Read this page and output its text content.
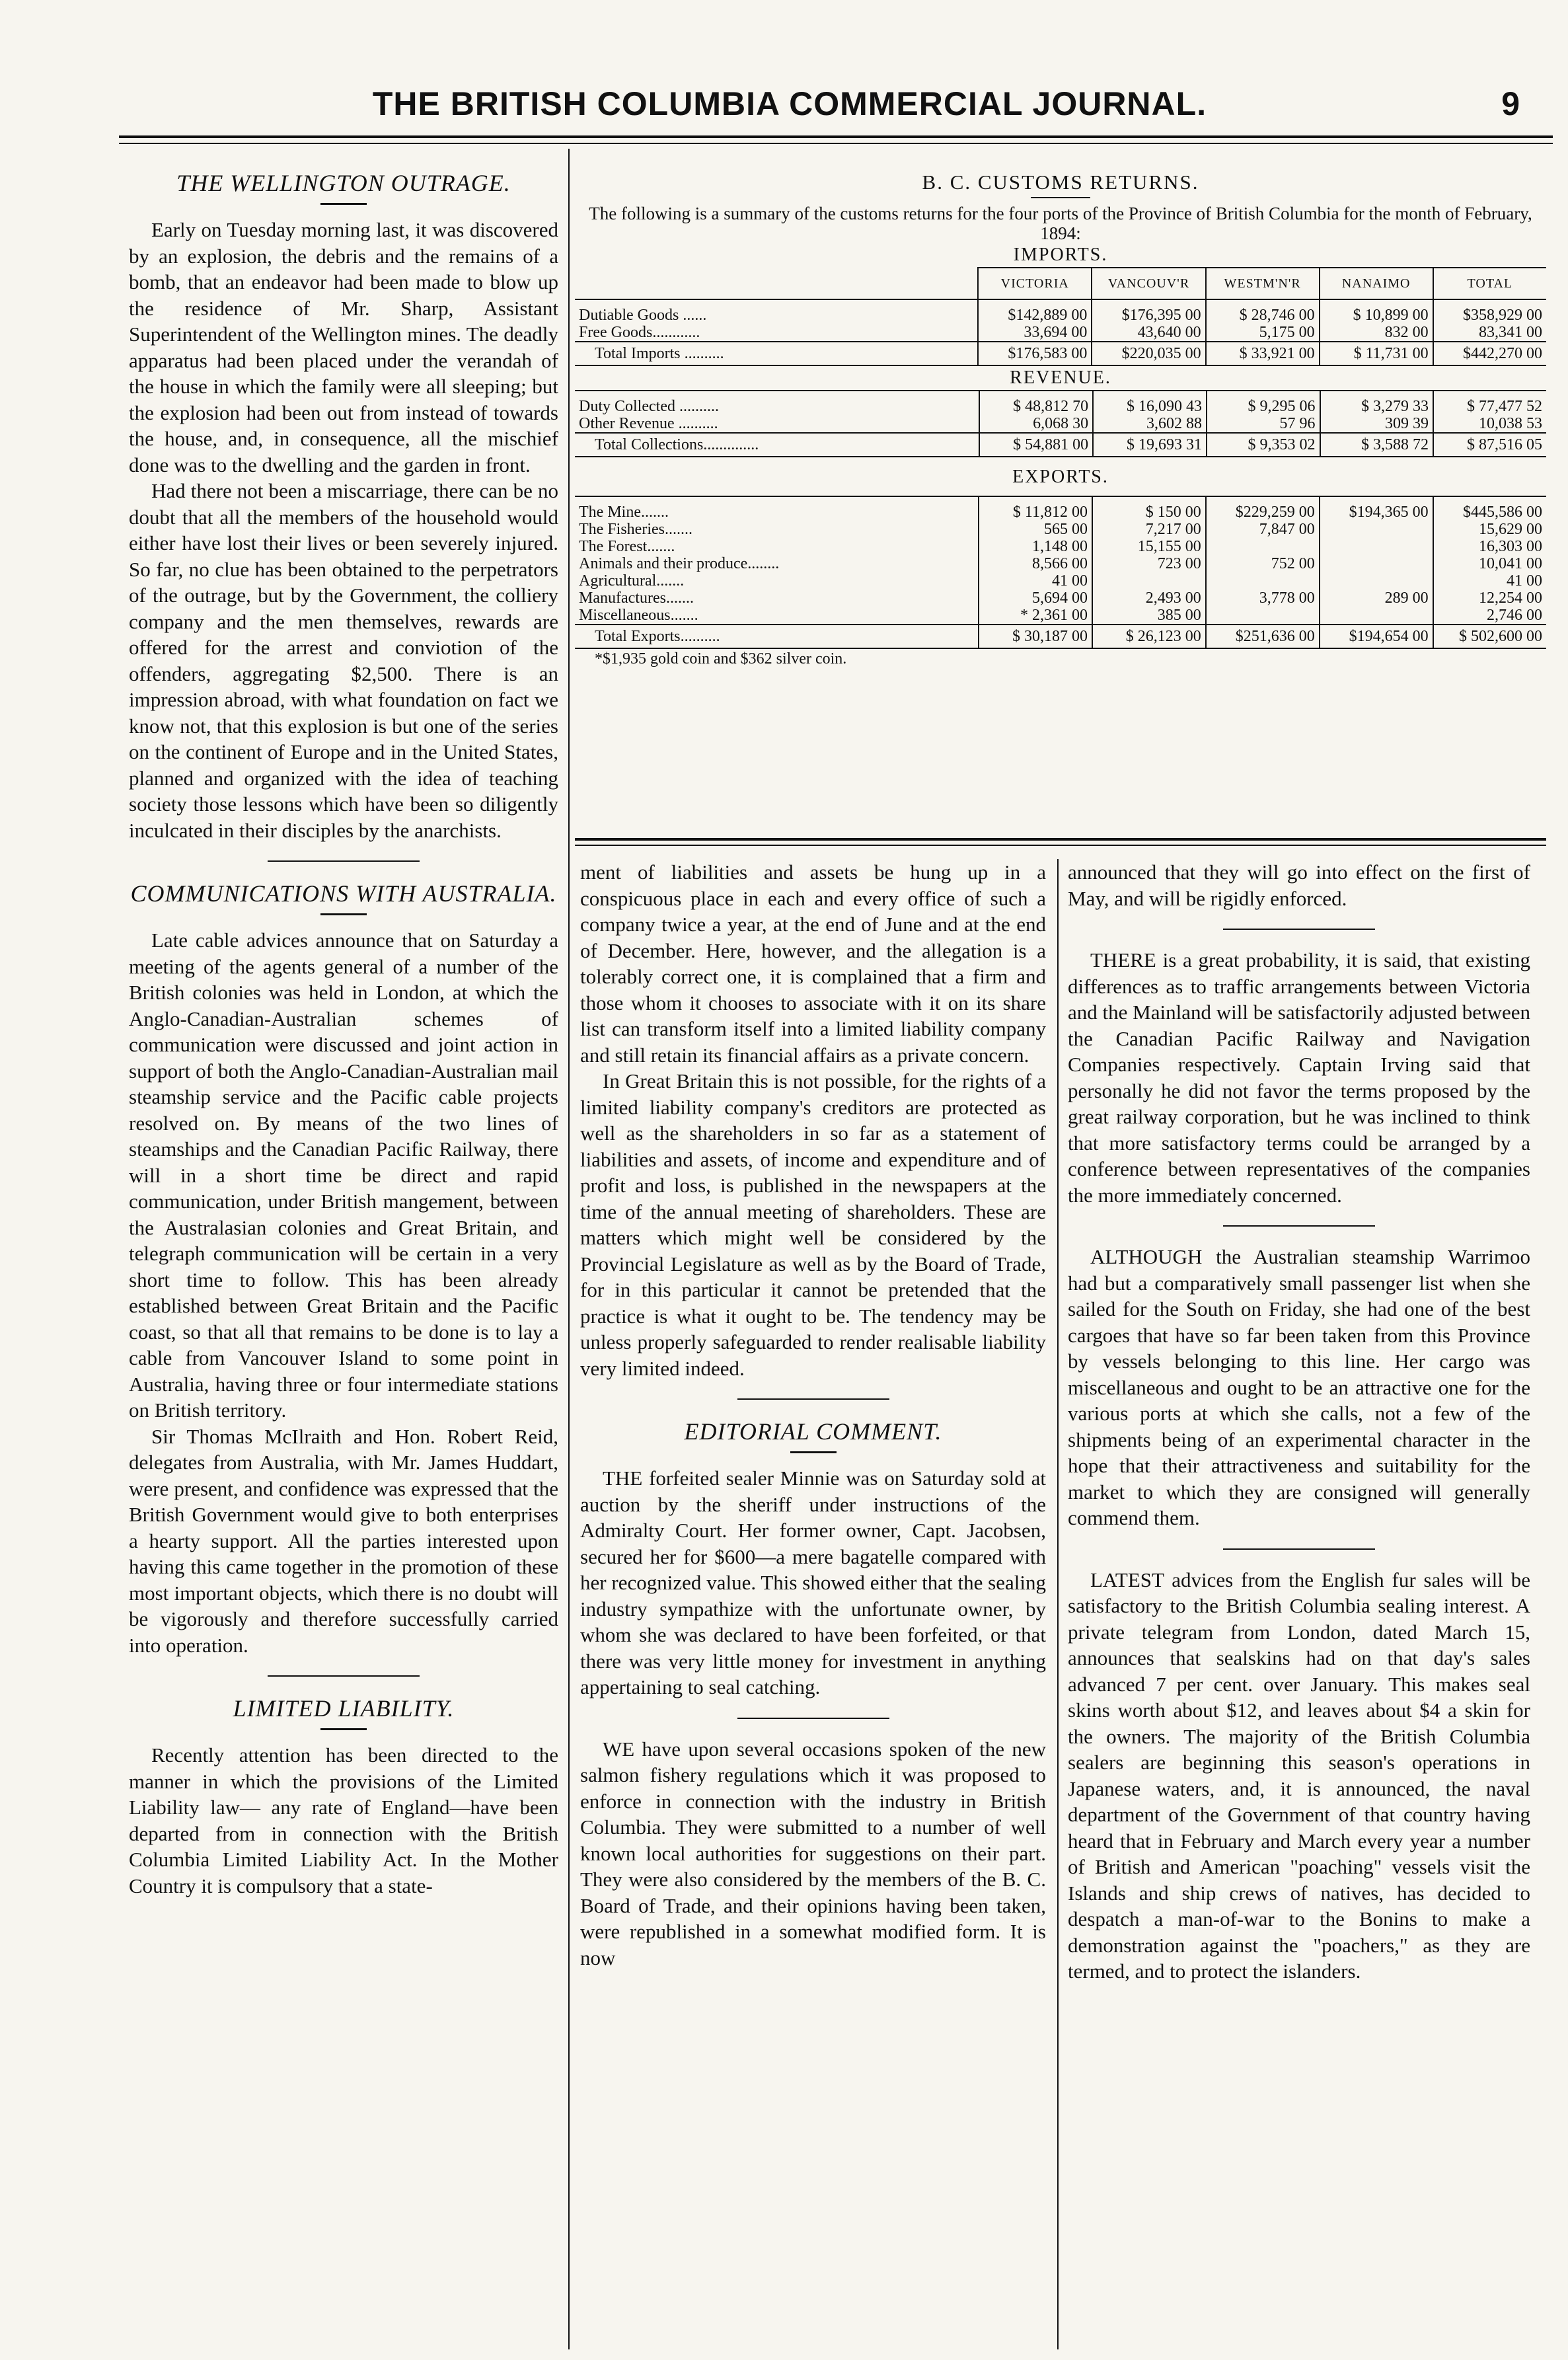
THE BRITISH COLUMBIA COMMERCIAL JOURNAL.	9
THE WELLINGTON OUTRAGE.

Early on Tuesday morning last, it was discovered by an explosion, the debris and the remains of a bomb, that an endeavor had been made to blow up the residence of Mr. Sharp, Assistant Superintendent of the Wellington mines. The deadly apparatus had been placed under the verandah of the house in which the family were all sleeping; but the explosion had been out from instead of towards the house, and, in consequence, all the mischief done was to the dwelling and the garden in front.

Had there not been a miscarriage, there can be no doubt that all the members of the household would either have lost their lives or been severely injured. So far, no clue has been obtained to the perpetrators of the outrage, but by the Government, the colliery company and the men themselves, rewards are offered for the arrest and conviotion of the offenders, aggregating $2,500. There is an impression abroad, with what foundation on fact we know not, that this explosion is but one of the series on the continent of Europe and in the United States, planned and organized with the idea of teaching society those lessons which have been so diligently inculcated in their disciples by the anarchists.

COMMUNICATIONS WITH AUSTRALIA.

Late cable advices announce that on Saturday a meeting of the agents general of a number of the British colonies was held in London, at which the Anglo-Canadian-Australian schemes of communication were discussed and joint action in support of both the Anglo-Canadian-Australian mail steamship service and the Pacific cable projects resolved on. By means of the two lines of steamships and the Canadian Pacific Railway, there will in a short time be direct and rapid communication, under British mangement, between the Australasian colonies and Great Britain, and telegraph communication will be certain in a very short time to follow. This has been already established between Great Britain and the Pacific coast, so that all that remains to be done is to lay a cable from Vancouver Island to some point in Australia, having three or four intermediate stations on British territory.

Sir Thomas McIlraith and Hon. Robert Reid, delegates from Australia, with Mr. James Huddart, were present, and confidence was expressed that the British Government would give to both enterprises a hearty support. All the parties interested upon having this came together in the promotion of these most important objects, which there is no doubt will be vigorously and therefore successfully carried into operation.

LIMITED LIABILITY.

Recently attention has been directed to the manner in which the provisions of the Limited Liability law— any rate of England—have been departed from in connection with the British Columbia Limited Liability Act. In the Mother Country it is compulsory that a state-

B. C. CUSTOMS RETURNS.
The following is a summary of the customs returns for the four ports of the Province of British Columbia for the month of February, 1894:
IMPORTS.
	VICTORIA	VANCOUV'R	WESTM'N'R	NANAIMO	TOTAL

Dutiable Goods ......	$142,889 00	$176,395 00	$ 28,746 00	$ 10,899 00	$358,929 00
Free Goods............	33,694 00	43,640 00	5,175 00	832 00	83,341 00
Total Imports ..........	$176,583 00	$220,035 00	$ 33,921 00	$ 11,731 00	$442,270 00
REVENUE.

Duty Collected ..........	$ 48,812 70	$ 16,090 43	$ 9,295 06	$ 3,279 33	$ 77,477 52
Other Revenue ..........	6,068 30	3,602 88	57 96	309 39	10,038 53
Total Collections..............	$ 54,881 00	$ 19,693 31	$ 9,353 02	$ 3,588 72	$ 87,516 05
EXPORTS.

The Mine.......	$ 11,812 00	$ 150 00	$229,259 00	$194,365 00	$445,586 00
The Fisheries.......	565 00	7,217 00	7,847 00		15,629 00
The Forest.......	1,148 00	15,155 00			16,303 00
Animals and their produce........	8,566 00	723 00	752 00		10,041 00
Agricultural.......	41 00				41 00
Manufactures.......	5,694 00	2,493 00	3,778 00	289 00	12,254 00
Miscellaneous.......	* 2,361 00	385 00			2,746 00
Total Exports..........	$ 30,187 00	$ 26,123 00	$251,636 00	$194,654 00	$ 502,600 00
*$1,935 gold coin and $362 silver coin.

ment of liabilities and assets be hung up in a conspicuous place in each and every office of such a company twice a year, at the end of June and at the end of December. Here, however, and the allegation is a tolerably correct one, it is complained that a firm and those whom it chooses to associate with it on its share list can transform itself into a limited liability company and still retain its financial affairs as a private concern.

In Great Britain this is not possible, for the rights of a limited liability company's creditors are protected as well as the shareholders in so far as a statement of liabilities and assets, of income and expenditure and of profit and loss, is published in the newspapers at the time of the annual meeting of shareholders. These are matters which might well be considered by the Provincial Legislature as well as by the Board of Trade, for in this particular it cannot be pretended that the practice is what it ought to be. The tendency may be unless properly safeguarded to render realisable liability very limited indeed.

EDITORIAL COMMENT.

THE forfeited sealer Minnie was on Saturday sold at auction by the sheriff under instructions of the Admiralty Court. Her former owner, Capt. Jacobsen, secured her for $600—a mere bagatelle compared with her recognized value. This showed either that the sealing industry sympathize with the unfortunate owner, by whom she was declared to have been forfeited, or that there was very little money for investment in anything appertaining to seal catching.

WE have upon several occasions spoken of the new salmon fishery regulations which it was proposed to enforce in connection with the industry in British Columbia. They were submitted to a number of well known local authorities for suggestions on their part. They were also considered by the members of the B. C. Board of Trade, and their opinions having been taken, were republished in a somewhat modified form. It is now

announced that they will go into effect on the first of May, and will be rigidly enforced.

THERE is a great probability, it is said, that existing differences as to traffic arrangements between Victoria and the Mainland will be satisfactorily adjusted between the Canadian Pacific Railway and Navigation Companies respectively. Captain Irving said that personally he did not favor the terms proposed by the great railway corporation, but he was inclined to think that more satisfactory terms could be arranged by a conference between representatives of the companies the more immediately concerned.

ALTHOUGH the Australian steamship Warrimoo had but a comparatively small passenger list when she sailed for the South on Friday, she had one of the best cargoes that have so far been taken from this Province by vessels belonging to this line. Her cargo was miscellaneous and ought to be an attractive one for the various ports at which she calls, not a few of the shipments being of an experimental character in the hope that their attractiveness and suitability for the market to which they are consigned will generally commend them.

LATEST advices from the English fur sales will be satisfactory to the British Columbia sealing interest. A private telegram from London, dated March 15, announces that sealskins had on that day's sales advanced 7 per cent. over January. This makes seal skins worth about $12, and leaves about $4 a skin for the owners. The majority of the British Columbia sealers are beginning this season's operations in Japanese waters, and, it is announced, the naval department of the Government of that country having heard that in February and March every year a number of British and American "poaching" vessels visit the Islands and ship crews of natives, has decided to despatch a man-of-war to the Bonins to make a demonstration against the "poachers," as they are termed, and to protect the islanders.
